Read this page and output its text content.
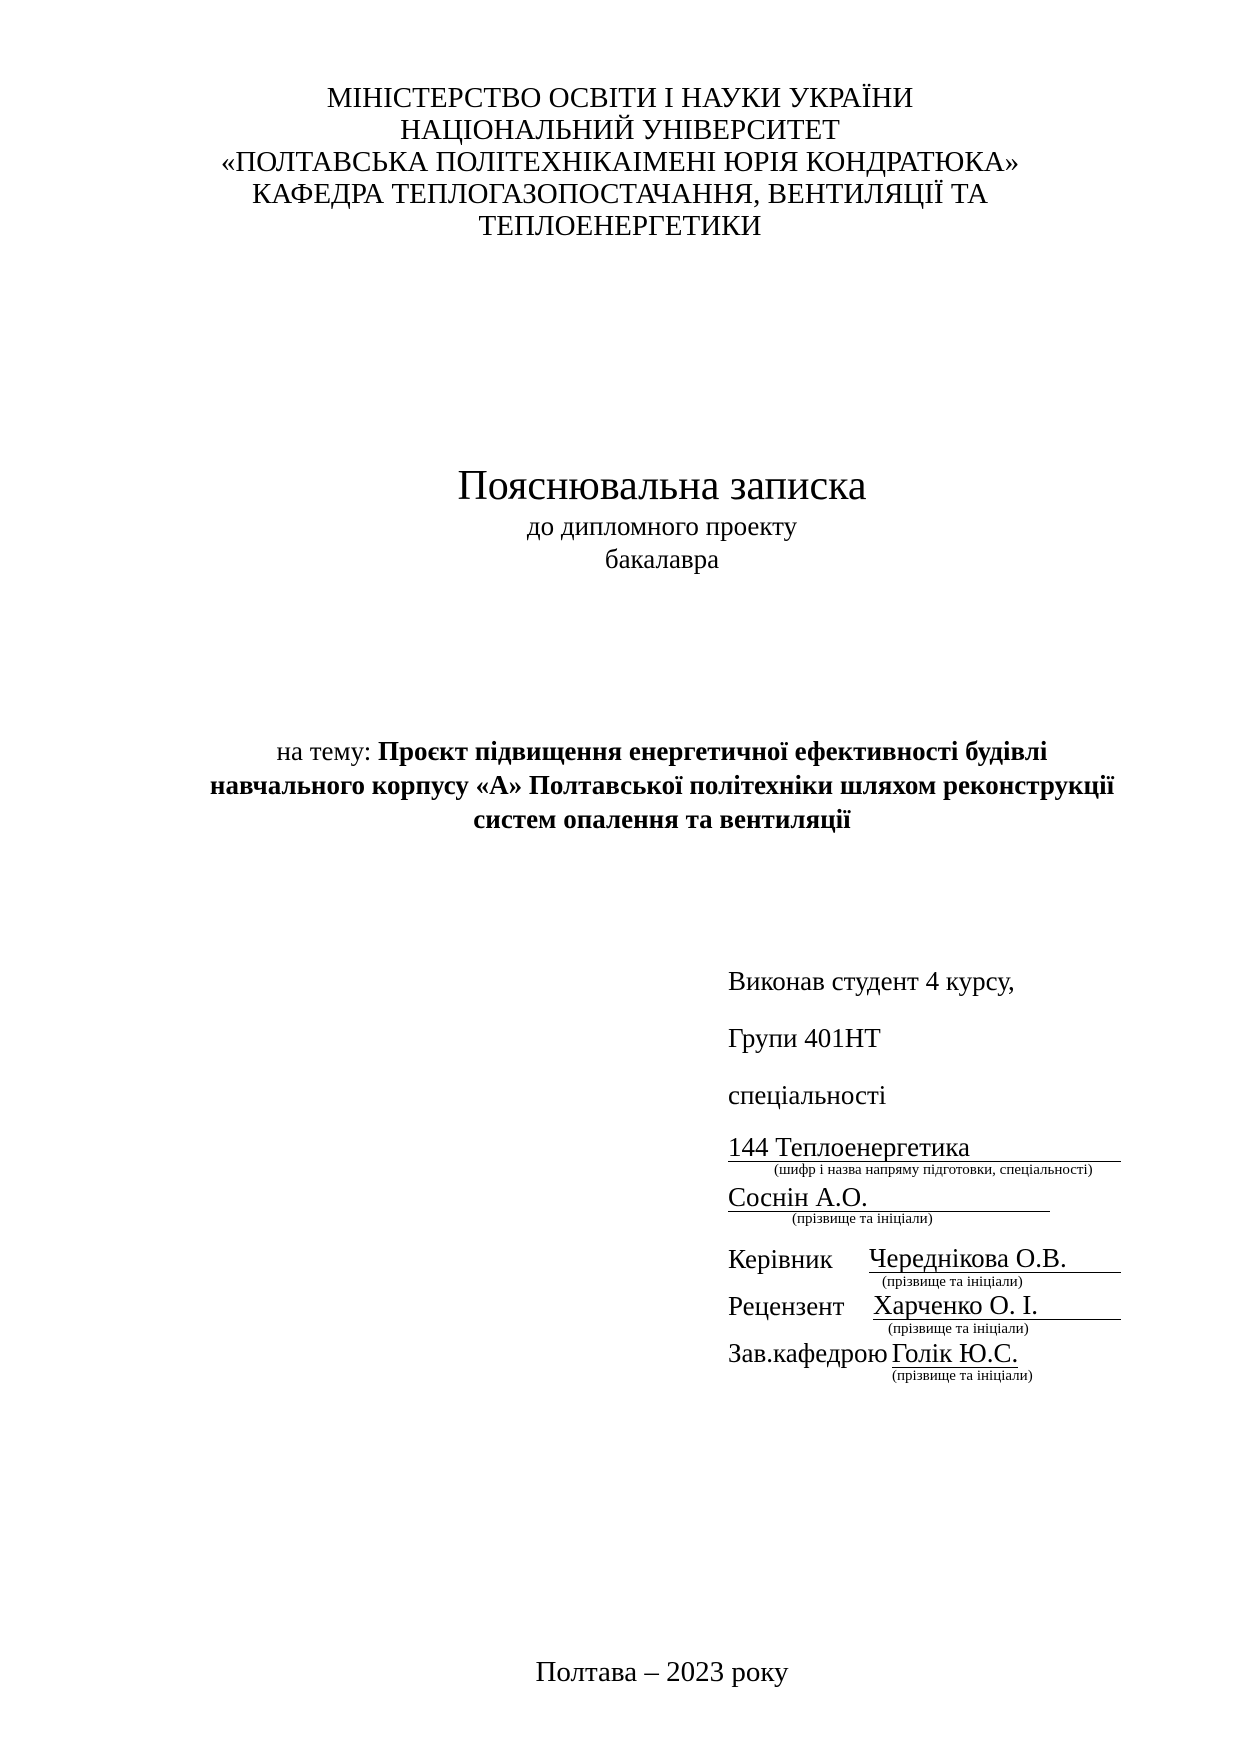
МІНІСТЕРСТВО ОСВІТИ І НАУКИ УКРАЇНИ
НАЦІОНАЛЬНИЙ УНІВЕРСИТЕТ
«ПОЛТАВСЬКА ПОЛІТЕХНІКАІМЕНІ ЮРІЯ КОНДРАТЮКА»
КАФЕДРА ТЕПЛОГАЗОПОСТАЧАННЯ, ВЕНТИЛЯЦІЇ ТА
ТЕПЛОЕНЕРГЕТИКИ
Пояснювальна записка
до дипломного проекту
бакалавра
на тему: Проєкт підвищення енергетичної ефективності будівлі
навчального корпусу «А» Полтавської політехніки шляхом реконструкції
систем опалення та вентиляції
Виконав студент 4 курсу,
Групи 401НТ
спеціальності
144 Теплоенергетика
(шифр і назва напряму підготовки, спеціальності)
Соснін А.О.
(прізвище та ініціали)
Керівник Череднікова О.В.
(прізвище та ініціали)
Рецензент Харченко О. І.
(прізвище та ініціали)
Зав.кафедрою Голік Ю.С.
(прізвище та ініціали)
Полтава – 2023 року
